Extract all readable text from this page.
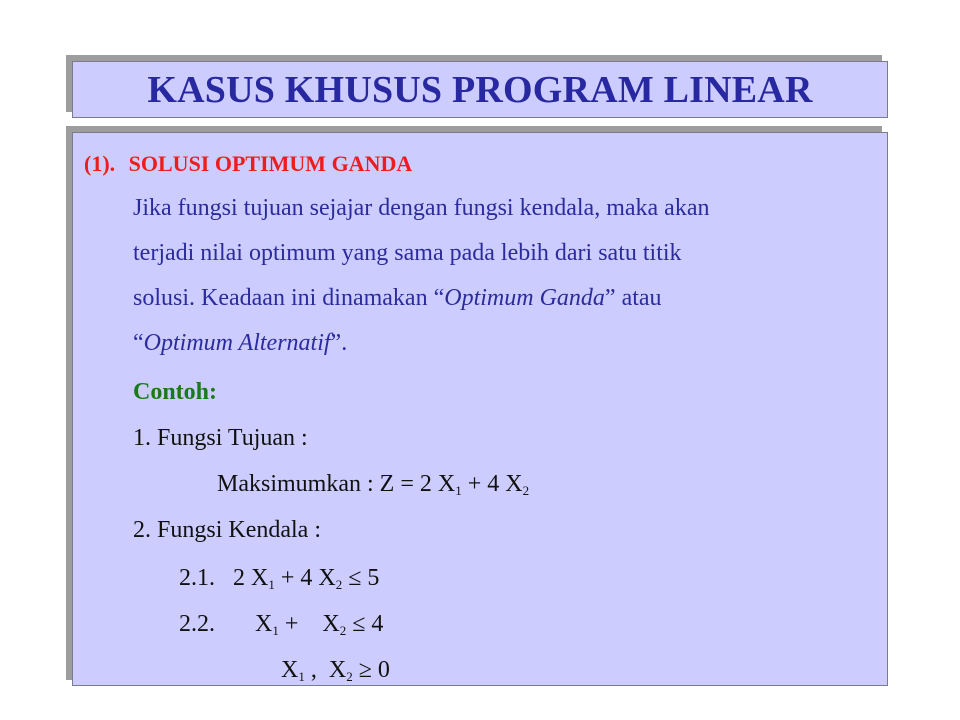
KASUS KHUSUS PROGRAM LINEAR
(1). SOLUSI OPTIMUM GANDA
Jika fungsi tujuan sejajar dengan fungsi kendala, maka akan
terjadi nilai optimum yang sama pada lebih dari satu titik
solusi. Keadaan ini dinamakan “Optimum Ganda” atau
“Optimum Alternatif”.
Contoh:
1. Fungsi Tujuan :
Maksimumkan : Z = 2 $X_1 + 4$ $X_2$
2. Fungsi Kendala :
2.1. 2 $X_1 + 4$ $X_2 \le 5$
2.2. $X_1$ +    $X_2 \le 4$
$X_1$ ,  $X_2 \ge 0$
